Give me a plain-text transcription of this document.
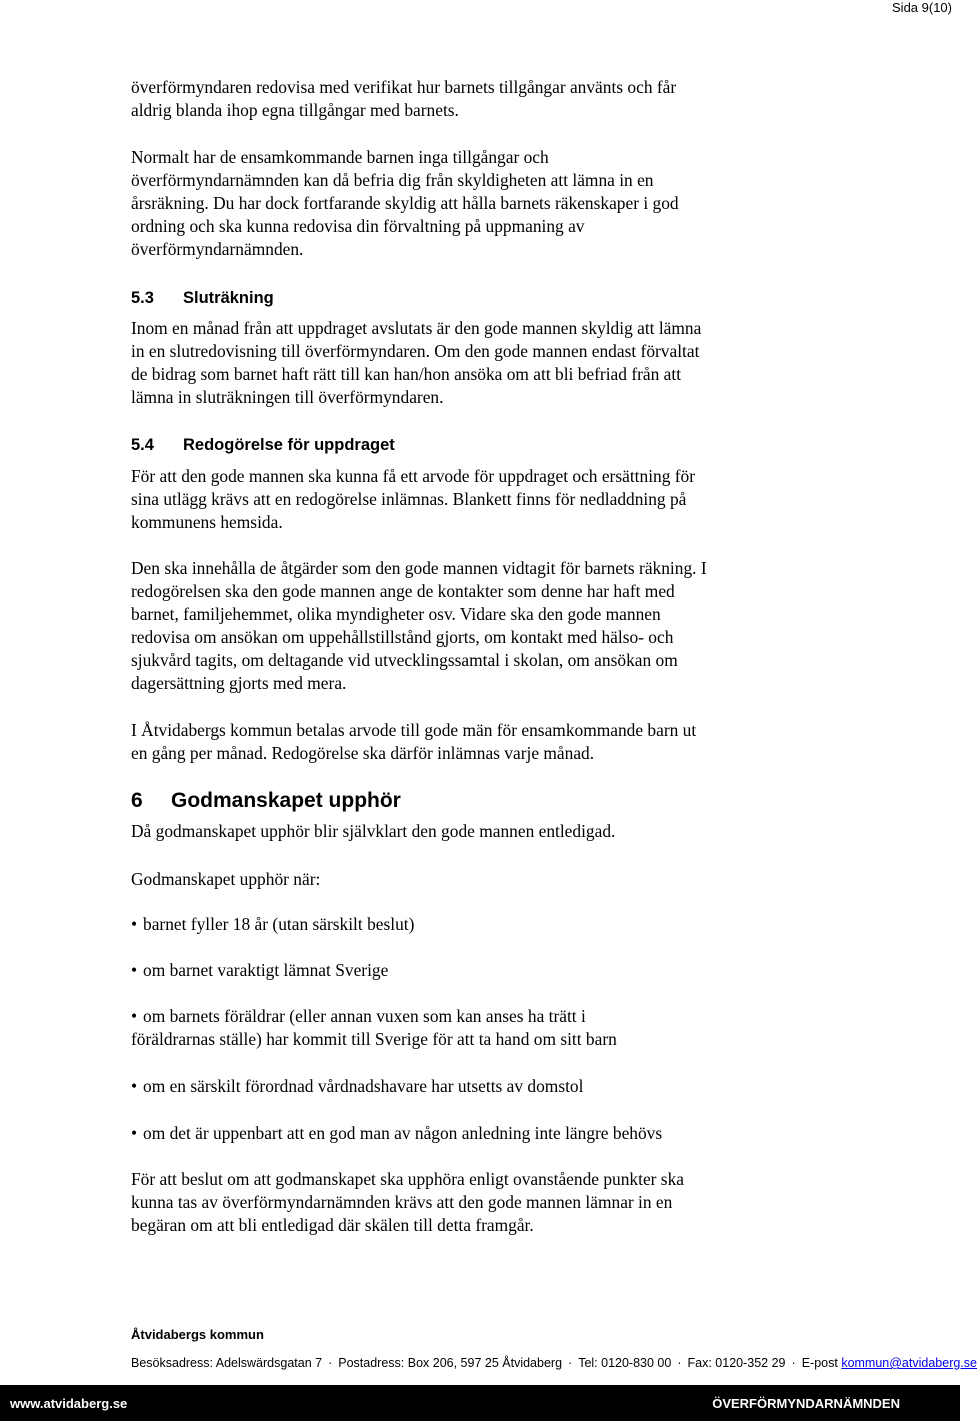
Sida 9(10)
överförmyndaren redovisa med verifikat hur barnets tillgångar använts och får
aldrig blanda ihop egna tillgångar med barnets.
Normalt har de ensamkommande barnen inga tillgångar och
överförmyndarnämnden kan då befria dig från skyldigheten att lämna in en
årsräkning. Du har dock fortfarande skyldig att hålla barnets räkenskaper i god
ordning och ska kunna redovisa din förvaltning på uppmaning av
överförmyndarnämnden.
5.3 Sluträkning
Inom en månad från att uppdraget avslutats är den gode mannen skyldig att lämna
in en slutredovisning till överförmyndaren. Om den gode mannen endast förvaltat
de bidrag som barnet haft rätt till kan han/hon ansöka om att bli befriad från att
lämna in sluträkningen till överförmyndaren.
5.4 Redogörelse för uppdraget
För att den gode mannen ska kunna få ett arvode för uppdraget och ersättning för
sina utlägg krävs att en redogörelse inlämnas. Blankett finns för nedladdning på
kommunens hemsida.
Den ska innehålla de åtgärder som den gode mannen vidtagit för barnets räkning. I
redogörelsen ska den gode mannen ange de kontakter som denne har haft med
barnet, familjehemmet, olika myndigheter osv. Vidare ska den gode mannen
redovisa om ansökan om uppehållstillstånd gjorts, om kontakt med hälso- och
sjukvård tagits, om deltagande vid utvecklingssamtal i skolan, om ansökan om
dagersättning gjorts med mera.
I Åtvidabergs kommun betalas arvode till gode män för ensamkommande barn ut
en gång per månad. Redogörelse ska därför inlämnas varje månad.
6 Godmanskapet upphör
Då godmanskapet upphör blir självklart den gode mannen entledigad.
Godmanskapet upphör när:
• barnet fyller 18 år (utan särskilt beslut)
• om barnet varaktigt lämnat Sverige
• om barnets föräldrar (eller annan vuxen som kan anses ha trätt i
föräldrarnas ställe) har kommit till Sverige för att ta hand om sitt barn
• om en särskilt förordnad vårdnadshavare har utsetts av domstol
• om det är uppenbart att en god man av någon anledning inte längre behövs
För att beslut om att godmanskapet ska upphöra enligt ovanstående punkter ska
kunna tas av överförmyndarnämnden krävs att den gode mannen lämnar in en
begäran om att bli entledigad där skälen till detta framgår.
Åtvidabergs kommun
Besöksadress: Adelswärdsgatan 7 · Postadress: Box 206, 597 25 Åtvidaberg · Tel: 0120-830 00 · Fax: 0120-352 29 · E-post kommun@atvidaberg.se
www.atvidaberg.se	ÖVERFÖRMYNDARNÄMNDEN
